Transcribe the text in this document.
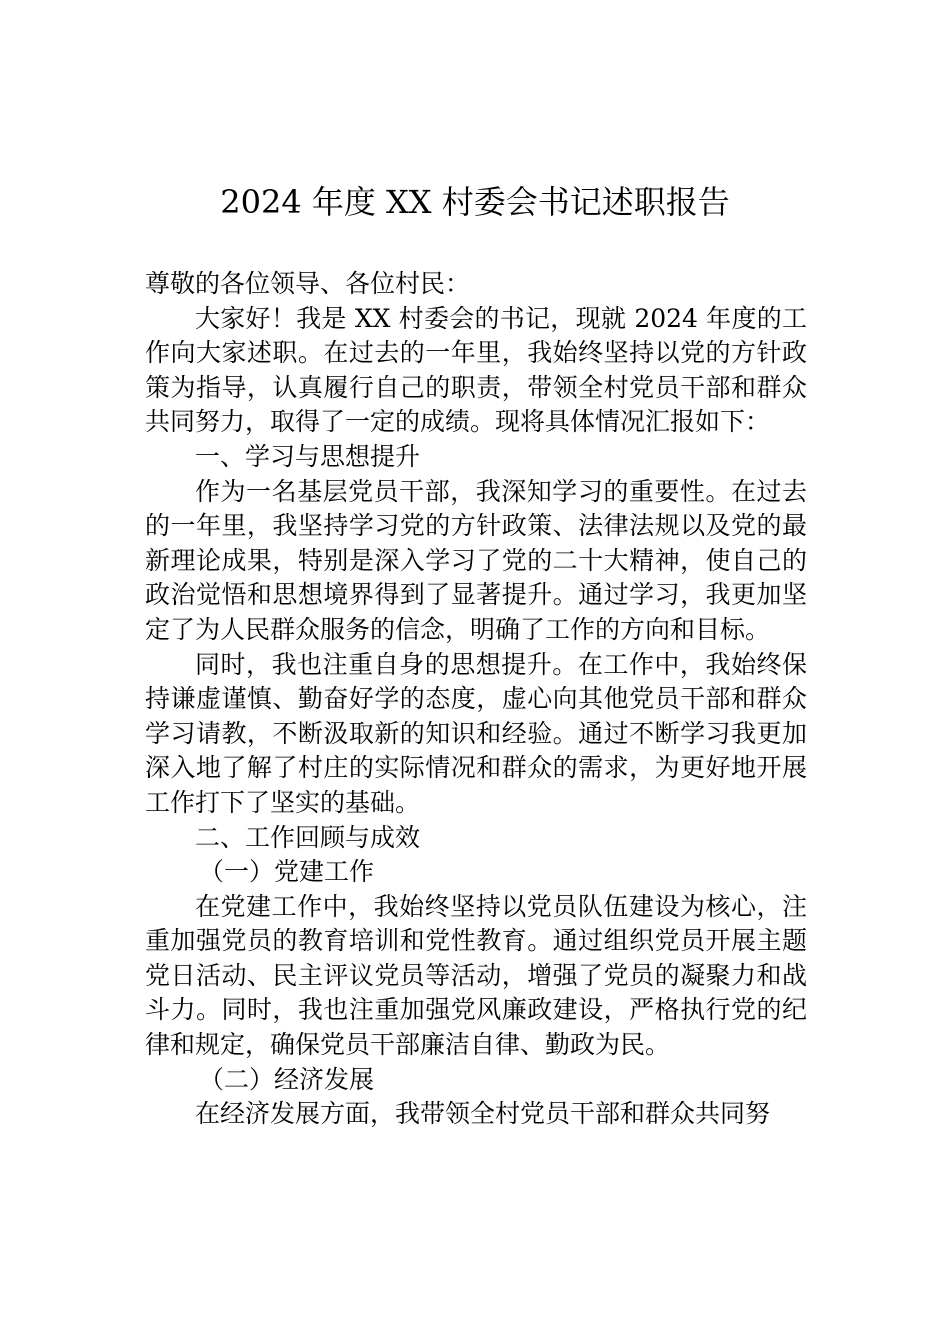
2024 年度 XX 村委会书记述职报告

尊敬的各位领导、各位村民：

大家好！我是 XX 村委会的书记，现就 2024 年度的工作向大家述职。在过去的一年里，我始终坚持以党的方针政策为指导，认真履行自己的职责，带领全村党员干部和群众共同努力，取得了一定的成绩。现将具体情况汇报如下：

一、学习与思想提升

作为一名基层党员干部，我深知学习的重要性。在过去的一年里，我坚持学习党的方针政策、法律法规以及党的最新理论成果，特别是深入学习了党的二十大精神，使自己的政治觉悟和思想境界得到了显著提升。通过学习，我更加坚定了为人民群众服务的信念，明确了工作的方向和目标。

同时，我也注重自身的思想提升。在工作中，我始终保持谦虚谨慎、勤奋好学的态度，虚心向其他党员干部和群众学习请教，不断汲取新的知识和经验。通过不断学习我更加深入地了解了村庄的实际情况和群众的需求，为更好地开展工作打下了坚实的基础。

二、工作回顾与成效

（一）党建工作

在党建工作中，我始终坚持以党员队伍建设为核心，注重加强党员的教育培训和党性教育。通过组织党员开展主题党日活动、民主评议党员等活动，增强了党员的凝聚力和战斗力。同时，我也注重加强党风廉政建设，严格执行党的纪律和规定，确保党员干部廉洁自律、勤政为民。

（二）经济发展

在经济发展方面，我带领全村党员干部和群众共同努
